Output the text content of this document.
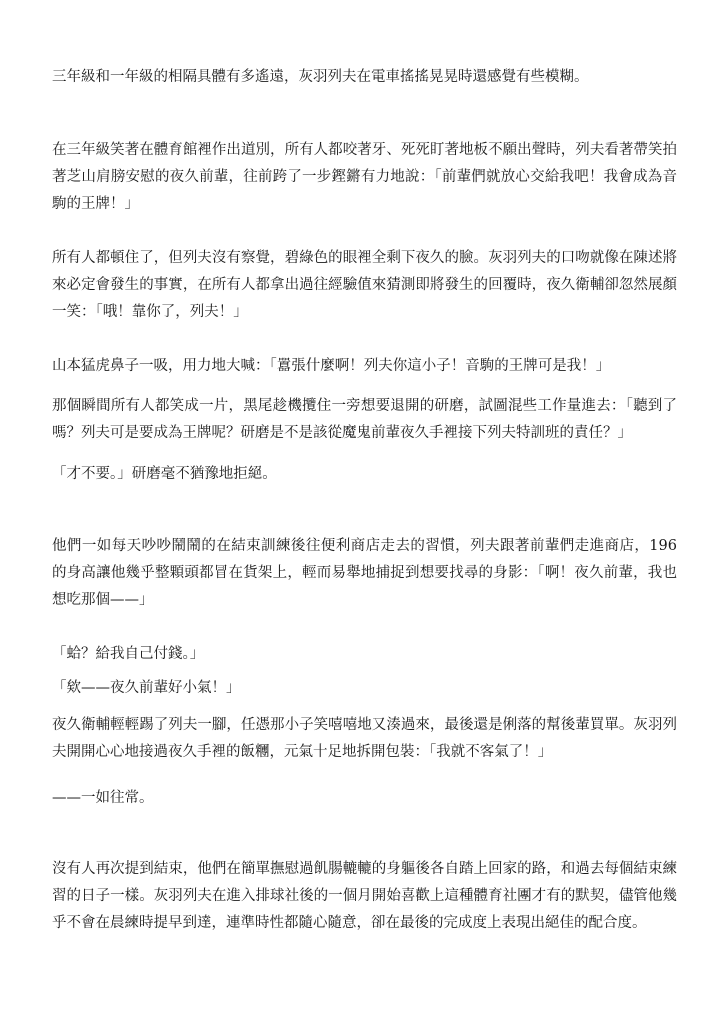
三年級和一年級的相隔具體有多遙遠，灰羽列夫在電車搖搖晃晃時還感覺有些模糊。
在三年級笑著在體育館裡作出道別，所有人都咬著牙、死死盯著地板不願出聲時，列夫看著帶笑拍著芝山肩膀安慰的夜久前輩，往前跨了一步鏗鏘有力地說：「前輩們就放心交給我吧！我會成為音駒的王牌！」
所有人都頓住了，但列夫沒有察覺，碧綠色的眼裡全剩下夜久的臉。灰羽列夫的口吻就像在陳述將來必定會發生的事實，在所有人都拿出過往經驗值來猜測即將發生的回覆時，夜久衛輔卻忽然展顏一笑：「哦！靠你了，列夫！」
山本猛虎鼻子一吸，用力地大喊：「囂張什麼啊！列夫你這小子！音駒的王牌可是我！」
那個瞬間所有人都笑成一片，黑尾趁機攬住一旁想要退開的研磨，試圖混些工作量進去：「聽到了嗎？列夫可是要成為王牌呢？研磨是不是該從魔鬼前輩夜久手裡接下列夫特訓班的責任？」
「才不要。」研磨毫不猶豫地拒絕。
他們一如每天吵吵鬧鬧的在結束訓練後往便利商店走去的習慣，列夫跟著前輩們走進商店，196 的身高讓他幾乎整顆頭都冒在貨架上，輕而易舉地捕捉到想要找尋的身影：「啊！夜久前輩，我也想吃那個——」
「蛤？給我自己付錢。」
「欸——夜久前輩好小氣！」
夜久衛輔輕輕踢了列夫一腳，任憑那小子笑嘻嘻地又湊過來，最後還是俐落的幫後輩買單。灰羽列夫開開心心地接過夜久手裡的飯糰，元氣十足地拆開包裝：「我就不客氣了！」
——一如往常。
沒有人再次提到結束，他們在簡單撫慰過飢腸轆轆的身軀後各自踏上回家的路，和過去每個結束練習的日子一樣。灰羽列夫在進入排球社後的一個月開始喜歡上這種體育社團才有的默契，儘管他幾乎不會在晨練時提早到達，連準時性都隨心隨意，卻在最後的完成度上表現出絕佳的配合度。
